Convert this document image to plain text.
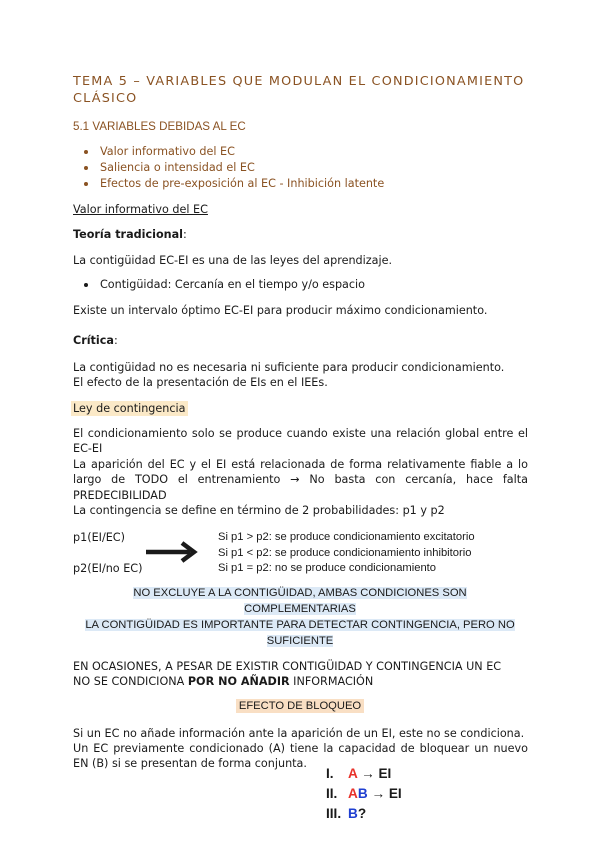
TEMA 5 – VARIABLES QUE MODULAN EL CONDICIONAMIENTO
CLÁSICO
5.1 VARIABLES DEBIDAS AL EC
Valor informativo del EC
Saliencia o intensidad el EC
Efectos de pre-exposición al EC - Inhibición latente
Valor informativo del EC
Teoría tradicional:
La contigüidad EC-EI es una de las leyes del aprendizaje.
Contigüidad: Cercanía en el tiempo y/o espacio
Existe un intervalo óptimo EC-EI para producir máximo condicionamiento.
Crítica:
La contigüidad no es necesaria ni suficiente para producir condicionamiento.
El efecto de la presentación de EIs en el IEEs.
Ley de contingencia
El condicionamiento solo se produce cuando existe una relación global entre el EC-EI
La aparición del EC y el EI está relacionada de forma relativamente fiable a lo largo de TODO el entrenamiento → No basta con cercanía, hace falta PREDECIBILIDAD
La contingencia se define en término de 2 probabilidades: p1 y p2
p1(EI/EC)
p2(EI/no EC)
Si p1 > p2: se produce condicionamiento excitatorio
Si p1 < p2: se produce condicionamiento inhibitorio
Si p1 = p2: no se produce condicionamiento
NO EXCLUYE A LA CONTIGÜIDAD, AMBAS CONDICIONES SON
COMPLEMENTARIAS
LA CONTIGÜIDAD ES IMPORTANTE PARA DETECTAR CONTINGENCIA, PERO NO
SUFICIENTE
EN OCASIONES, A PESAR DE EXISTIR CONTIGÜIDAD Y CONTINGENCIA UN EC
NO SE CONDICIONA POR NO AÑADIR INFORMACIÓN
EFECTO DE BLOQUEO
Si un EC no añade información ante la aparición de un EI, este no se condiciona.
Un EC previamente condicionado (A) tiene la capacidad de bloquear un nuevo EN (B) si se presentan de forma conjunta.
I. A → EI
II. AB → EI
III. B?
